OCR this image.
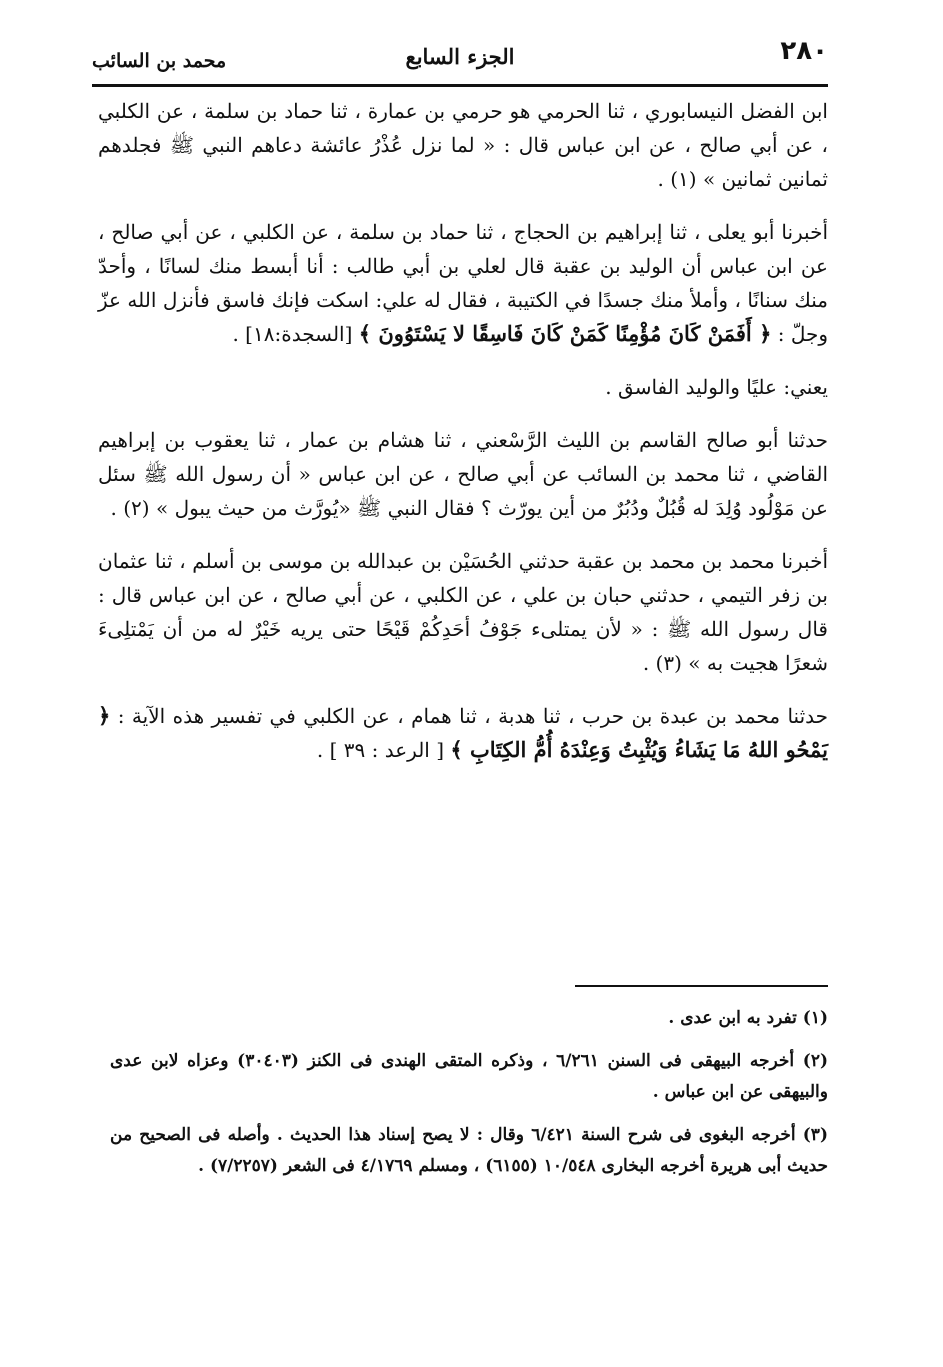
٢٨٠
الجزء السابع
محمد بن السائب

ابن الفضل النيسابوري ، ثنا الحرمي هو حرمي بن عمارة ، ثنا حماد بن سلمة ، عن الكلبي ، عن أبي صالح ، عن ابن عباس قال : « لما نزل عُذْرُ عائشة دعاهم النبي ﷺ فجلدهم ثمانين ثمانين » (١) .

أخبرنا أبو يعلى ، ثنا إبراهيم بن الحجاج ، ثنا حماد بن سلمة ، عن الكلبي ، عن أبي صالح ، عن ابن عباس أن الوليد بن عقبة قال لعلي بن أبي طالب : أنا أبسط منك لسانًا ، وأحدّ منك سنانًا ، وأملأ منك جسدًا في الكتيبة ، فقال له علي: اسكت فإنك فاسق فأنزل الله عزّ وجلّ : ﴿ أَفَمَنْ كَانَ مُؤْمِنًا كَمَنْ كَانَ فَاسِقًا لا يَسْتَوُونَ ﴾ [السجدة:١٨] .

يعني: عليًا والوليد الفاسق .

حدثنا أبو صالح القاسم بن الليث الرَّسْعني ، ثنا هشام بن عمار ، ثنا يعقوب بن إبراهيم القاضي ، ثنا محمد بن السائب عن أبي صالح ، عن ابن عباس « أن رسول الله ﷺ سئل عن مَوْلُود وُلِدَ له قُبُلٌ ودُبُرٌ من أين يورّث ؟ فقال النبي ﷺ «يُورَّث من حيث يبول » (٢) .

أخبرنا محمد بن محمد بن عقبة حدثني الحُسَيْن بن عبدالله بن موسى بن أسلم ، ثنا عثمان بن زفر التيمي ، حدثني حبان بن علي ، عن الكلبي ، عن أبي صالح ، عن ابن عباس قال : قال رسول الله ﷺ : « لأن يمتلىء جَوْفُ أحَدِكُمْ قَيْحًا حتى يريه خَيْرٌ له من أن يَمْتلِىءَ شعرًا هجيت به » (٣) .

حدثنا محمد بن عبدة بن حرب ، ثنا هدبة ، ثنا همام ، عن الكلبي في تفسير هذه الآية : ﴿ يَمْحُو اللهُ مَا يَشَاءُ وَيُثْبِتُ وَعِنْدَهُ أُمُّ الكِتَابِ ﴾ [ الرعد : ٣٩ ] .

(١) تفرد به ابن عدى .

(٢) أخرجه البيهقى فى السنن ٦/٢٦١ ، وذكره المتقى الهندى فى الكنز (٣٠٤٠٣) وعزاه لابن عدى والبيهقى عن ابن عباس .

(٣) أخرجه البغوى فى شرح السنة ٦/٤٢١ وقال : لا يصح إسناد هذا الحديث . وأصله فى الصحيح من حديث أبى هريرة أخرجه البخارى ١٠/٥٤٨ (٦١٥٥) ، ومسلم ٤/١٧٦٩ فى الشعر (٧/٢٢٥٧) .
